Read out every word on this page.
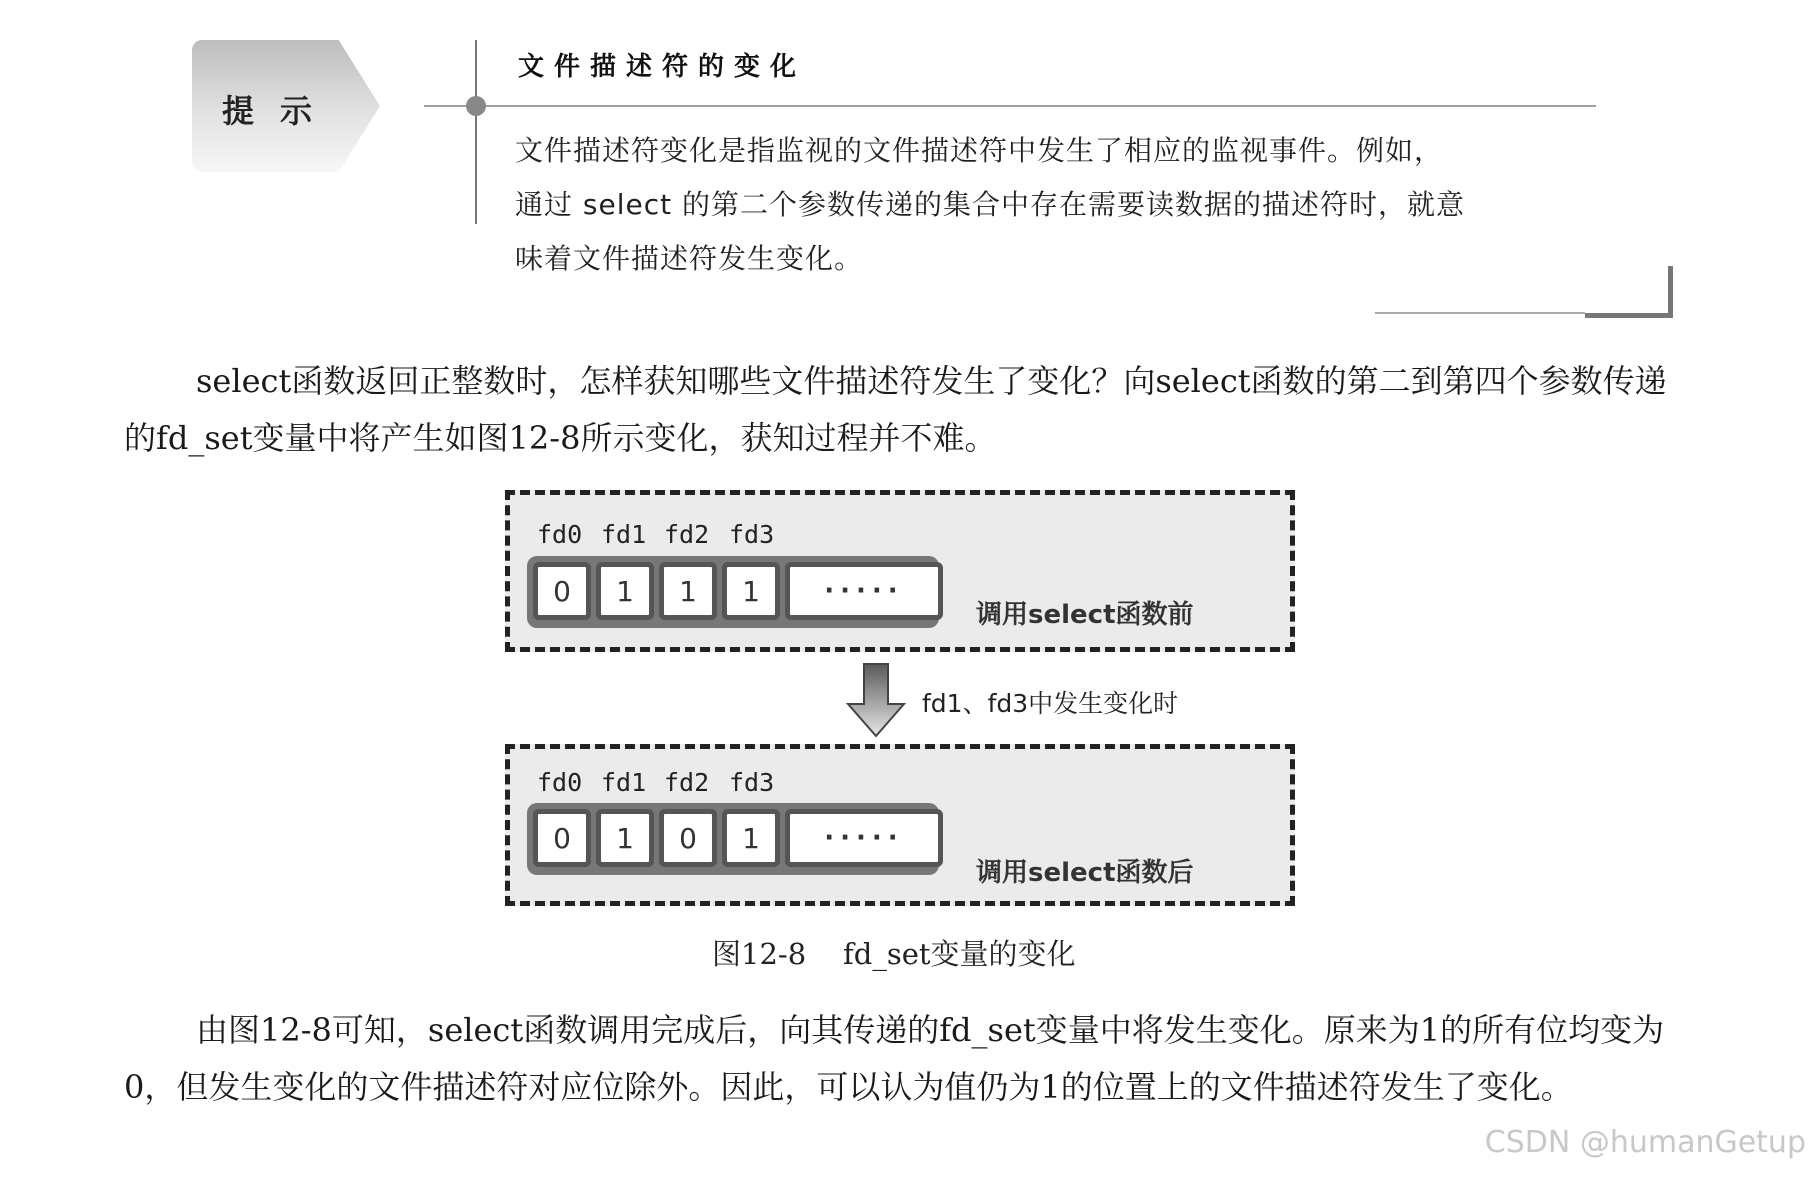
提示
文件描述符的变化
文件描述符变化是指监视的文件描述符中发生了相应的监视事件。例如，
通过 select 的第二个参数传递的集合中存在需要读数据的描述符时，就意
味着文件描述符发生变化。
select函数返回正整数时，怎样获知哪些文件描述符发生了变化？向select函数的第二到第四个参数传递的fd_set变量中将产生如图12-8所示变化，获知过程并不难。
fd0 fd1 fd2 fd3
0	1	1	1	·····
调用select函数前
fd1、fd3中发生变化时
fd0 fd1 fd2 fd3
0	1	0	1	·····
调用select函数后
图12-8    fd_set变量的变化
由图12-8可知，select函数调用完成后，向其传递的fd_set变量中将发生变化。原来为1的所有位均变为0，但发生变化的文件描述符对应位除外。因此，可以认为值仍为1的位置上的文件描述符发生了变化。
CSDN @humanGetup
